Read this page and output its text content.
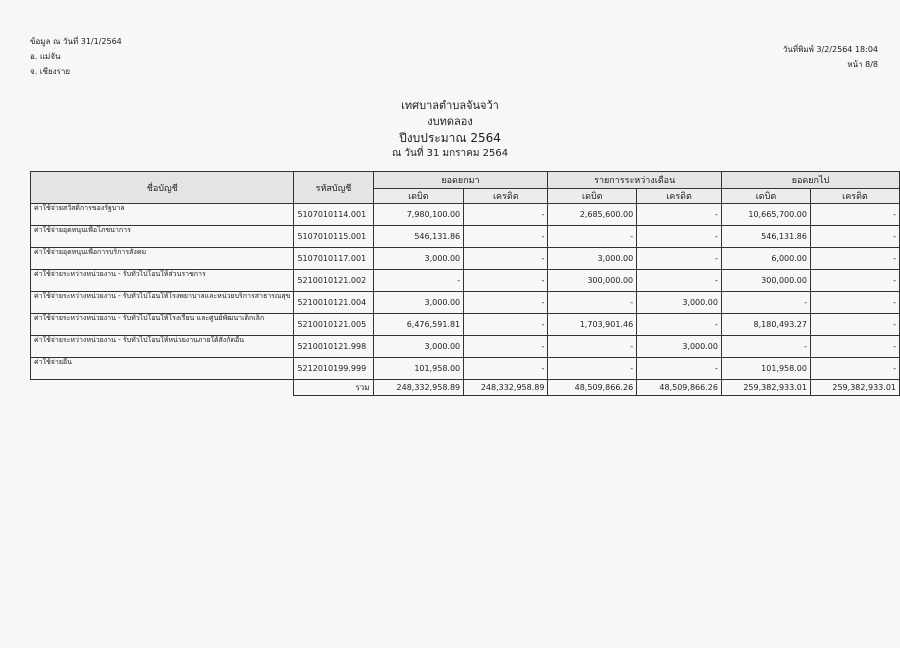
ข้อมูล ณ วันที่ 31/1/2564
อ. แม่จัน
จ. เชียงราย
วันที่พิมพ์ 3/2/2564 18:04
หน้า 8/8
เทศบาลตำบลจันจว้า
งบทดลอง
ปีงบประมาณ 2564
ณ วันที่ 31 มกราคม 2564
ชื่อบัญชี	รหัสบัญชี	ยอดยกมา		รายการระหว่างเดือน		ยอดยกไป	
		เดบิต	เครดิต	เดบิต	เครดิต	เดบิต	เครดิต
ค่าใช้จ่ายสวัสดิการของรัฐบาล	5107010114.001	7,980,100.00	-	2,685,600.00	-	10,665,700.00	-
ค่าใช้จ่ายอุดหนุนเพื่อโภชนาการ	5107010115.001	546,131.86	-	-	-	546,131.86	-
ค่าใช้จ่ายอุดหนุนเพื่อการบริการสังคม	5107010117.001	3,000.00	-	3,000.00	-	6,000.00	-
ค่าใช้จ่ายระหว่างหน่วยงาน - รับทั่วไปโอนให้ส่วนราชการ	5210010121.002	-	-	300,000.00	-	300,000.00	-
ค่าใช้จ่ายระหว่างหน่วยงาน - รับทั่วไปโอนให้โรงพยาบาลและหน่วยบริการสาธารณสุข	5210010121.004	3,000.00	-	-	3,000.00	-	-
ค่าใช้จ่ายระหว่างหน่วยงาน - รับทั่วไปโอนให้โรงเรียน และศูนย์พัฒนาเด็กเล็ก	5210010121.005	6,476,591.81	-	1,703,901.46	-	8,180,493.27	-
ค่าใช้จ่ายระหว่างหน่วยงาน - รับทั่วไปโอนให้หน่วยงานภายใต้สังกัดอื่น	5210010121.998	3,000.00	-	-	3,000.00	-	-
ค่าใช้จ่ายอื่น	5212010199.999	101,958.00	-	-	-	101,958.00	-
	รวม	248,332,958.89	248,332,958.89	48,509,866.26	48,509,866.26	259,382,933.01	259,382,933.01
